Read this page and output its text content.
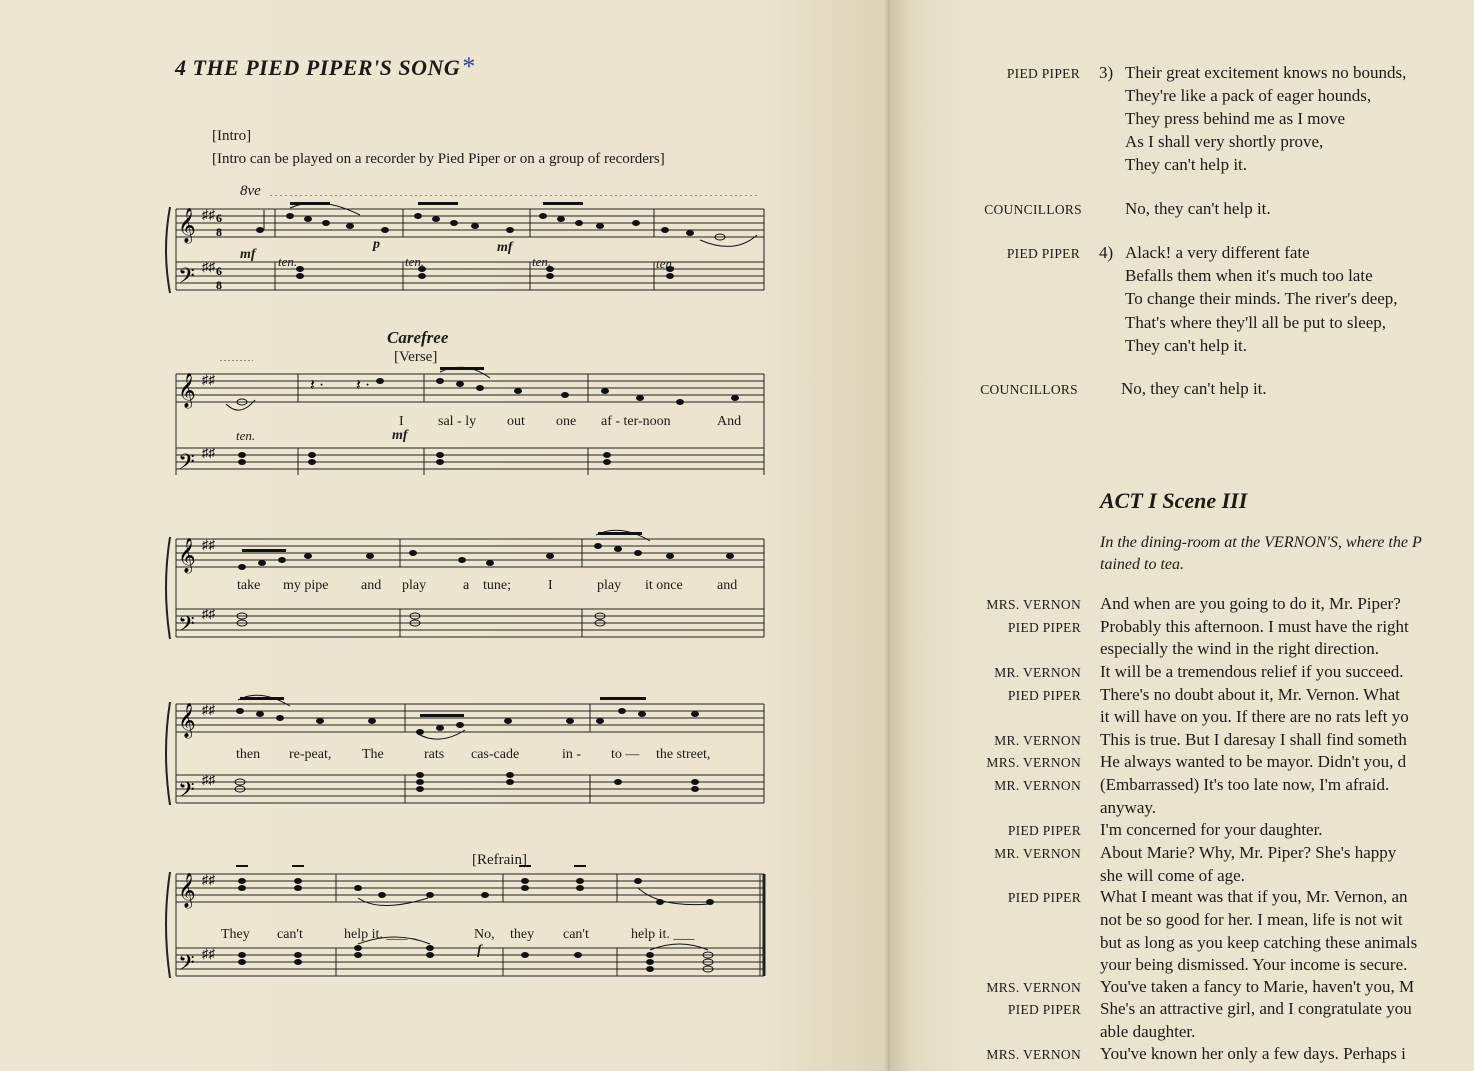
4 THE PIED PIPER'S SONG*
[Intro]
[Intro can be played on a recorder by Pied Piper or on a group of recorders]
8ve
𝄞
𝄢
♯♯
♯♯
6
8
6
8
mf
p	mf
ten.	ten.	ten.	ten.
Carefree
[Verse]
𝄞
𝄢
♯♯
♯♯
𝄽 · 𝄽 ·
ten.	mf
I sal - ly out one af - ter-noon	And
𝄞
𝄢
♯♯
♯♯
take my pipe and play	a tune;	I	play it once and
𝄞
𝄢
♯♯
♯♯
then re-peat, The	rats cas-cade	in - to — the street,
[Refrain]
𝄞
𝄢
♯♯
♯♯
They can't	help it. ___	No, they can't	help it. ___
f
PIED PIPER 3) Their great excitement knows no bounds,
They're like a pack of eager hounds,
They press behind me as I move
As I shall very shortly prove,
They can't help it.
COUNCILLORS	No, they can't help it.
PIED PIPER 4) Alack! a very different fate
Befalls them when it's much too late
To change their minds. The river's deep,
That's where they'll all be put to sleep,
They can't help it.
COUNCILLORS	No, they can't help it.
ACT I Scene III
In the dining-room at the VERNON'S, where the P
tained to tea.
MRS. VERNON And when are you going to do it, Mr. Piper?
PIED PIPER Probably this afternoon. I must have the right
especially the wind in the right direction.
MR. VERNON It will be a tremendous relief if you succeed.
PIED PIPER There's no doubt about it, Mr. Vernon. What
it will have on you. If there are no rats left yo
MR. VERNON This is true. But I daresay I shall find someth
MRS. VERNON He always wanted to be mayor. Didn't you, d
MR. VERNON (Embarrassed) It's too late now, I'm afraid.
anyway.
PIED PIPER I'm concerned for your daughter.
MR. VERNON About Marie? Why, Mr. Piper? She's happy
she will come of age.
PIED PIPER What I meant was that if you, Mr. Vernon, an
not be so good for her. I mean, life is not wit
but as long as you keep catching these animals
your being dismissed. Your income is secure.
MRS. VERNON You've taken a fancy to Marie, haven't you, M
PIED PIPER She's an attractive girl, and I congratulate you
able daughter.
MRS. VERNON You've known her only a few days. Perhaps i
